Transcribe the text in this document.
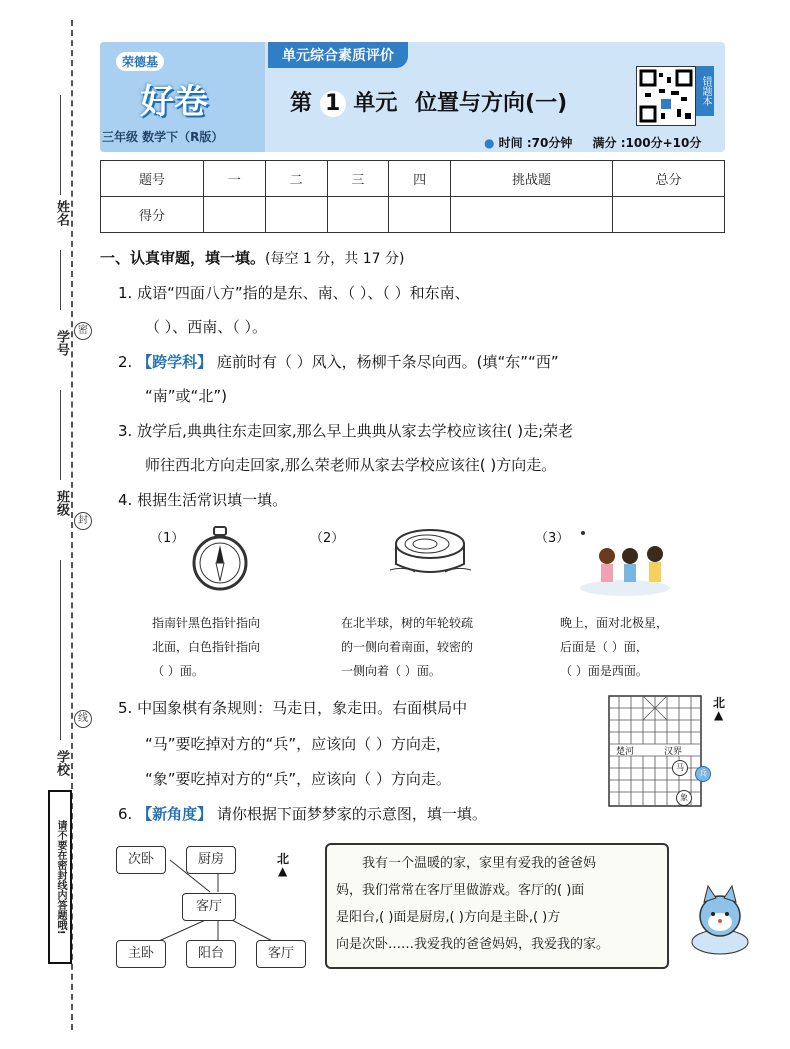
姓名
学号 密
班级
封
学校
线
请不要在密封线内答题哦!
荣德基
好卷
三年级 数学下（R版）
单元综合素质评价
第 1 单元 位置与方向(一)	错题本
● 时间 :70分钟 满分 :100分+10分
题号	一	二	三	四	挑战题	总分
得分						
一、认真审题，填一填。(每空 1 分，共 17 分)
1. 成语“四面八方”指的是东、南、（ ）、（ ）和东南、
（ ）、西南、（ ）。
2. 【跨学科】 庭前时有（ ）风入，杨柳千条尽向西。(填“东”“西”
“南”或“北”)
3. 放学后,典典往东走回家,那么早上典典从家去学校应该往( )走;荣老
师往西北方向走回家,那么荣老师从家去学校应该往( )方向走。
4. 根据生活常识填一填。
（1）	（2）	（3）
指南针黑色指针指向
北面，白色指针指向
（ ）面。
在北半球，树的年轮较疏
的一侧向着南面，较密的
一侧向着（ ）面。
晚上，面对北极星，
后面是（ ）面，
（ ）面是西面。
5. 中国象棋有条规则：马走日，象走田。右面棋局中
“马”要吃掉对方的“兵”，应该向（ ）方向走，
“象”要吃掉对方的“兵”，应该向（ ）方向走。
楚河	汉界
马
象
兵
北
▲
6. 【新角度】 请你根据下面梦梦家的示意图，填一填。
次卧	厨房
客厅
主卧	阳台	客厅
北
▲	我有一个温暖的家，家里有爱我的爸爸妈
妈，我们常常在客厅里做游戏。客厅的( )面
是阳台,( )面是厨房,( )方向是主卧,( )方
向是次卧……我爱我的爸爸妈妈，我爱我的家。
